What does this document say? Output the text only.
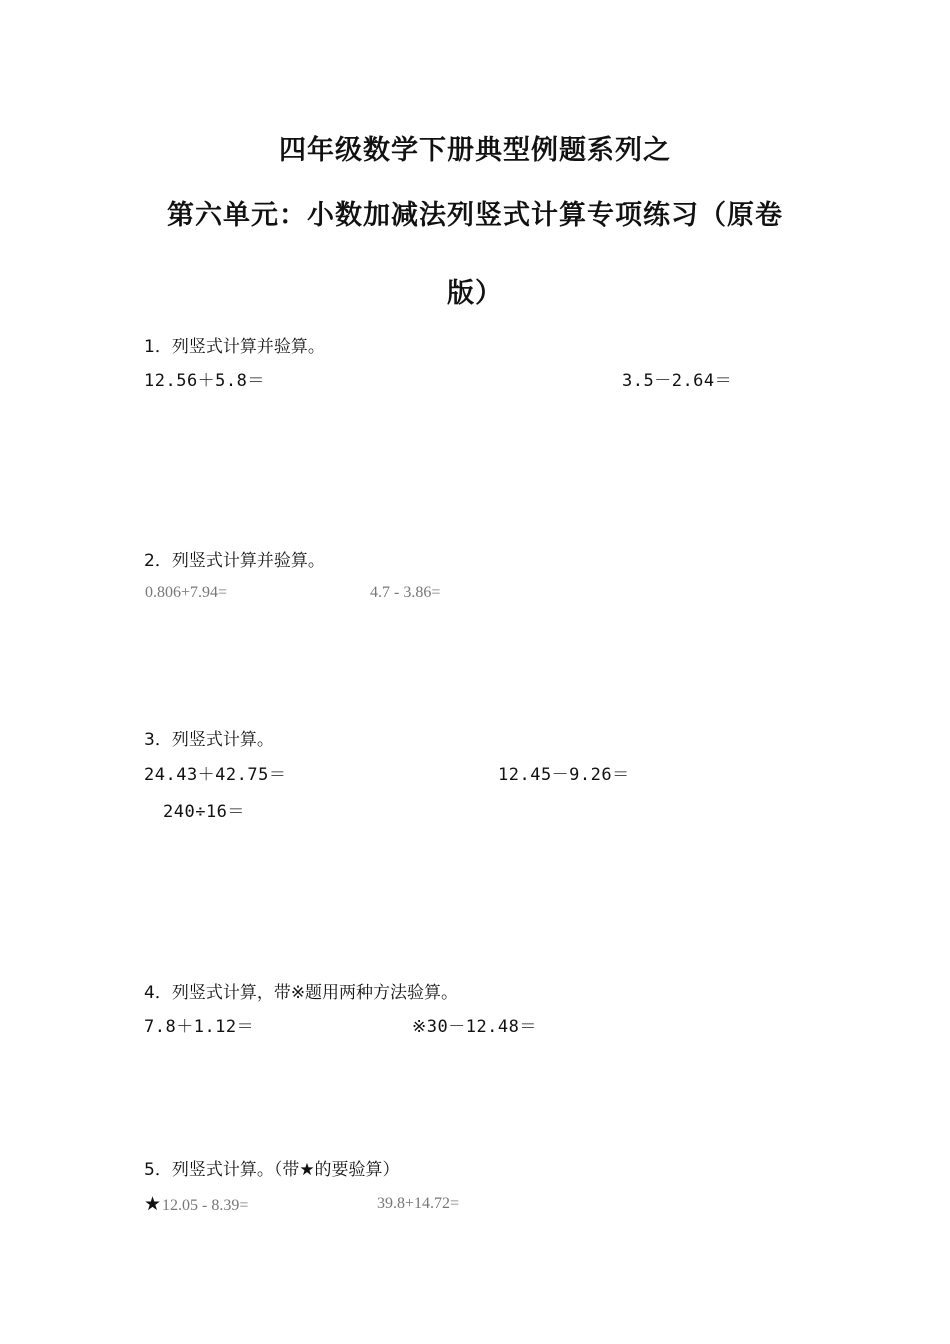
四年级数学下册典型例题系列之
第六单元：小数加减法列竖式计算专项练习（原卷
版）
1．列竖式计算并验算。
12.56＋5.8＝	3.5－2.64＝
2．列竖式计算并验算。
0.806+7.94=	4.7 - 3.86=
3．列竖式计算。
24.43＋42.75＝	12.45－9.26＝
240÷16＝
4．列竖式计算，带※题用两种方法验算。
7.8＋1.12＝	※30－12.48＝
5．列竖式计算。（带★的要验算）
★12.05 - 8.39=	39.8+14.72=
